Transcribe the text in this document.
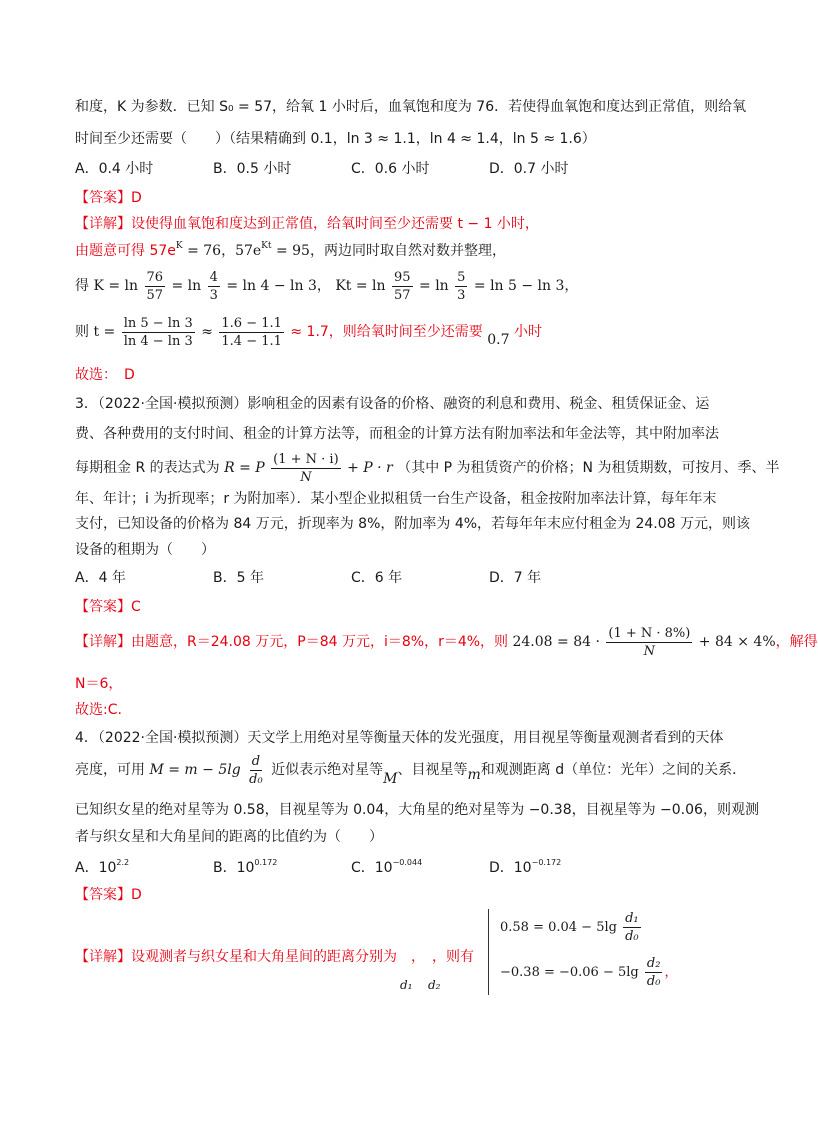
和度，K 为参数．已知 S₀ = 57，给氧 1 小时后，血氧饱和度为 76．若使得血氧饱和度达到正常值，则给氧
时间至少还需要（　　）（结果精确到 0.1，ln 3 ≈ 1.1，ln 4 ≈ 1.4，ln 5 ≈ 1.6）
A．0.4 小时	B．0.5 小时	C．0.6 小时	D．0.7 小时
【答案】D
【详解】设使得血氧饱和度达到正常值，给氧时间至少还需要 t − 1 小时，
由题意可得 $57e^K = 76$，$57e^{Kt} = 95$，两边同时取自然对数并整理，
得 $K = \ln \frac{76}{57} = \ln \frac{4}{3} = \ln 4 - \ln 3$， $Kt = \ln \frac{95}{57} = \ln \frac{5}{3} = \ln 5 - \ln 3$，
则 $t = \frac{\ln 5 - \ln 3}{\ln 4 - \ln 3} \approx \frac{1.6 - 1.1}{1.4 - 1.1} \approx 1.7$，则给氧时间至少还需要 0.7 小时
故选：　D
3．（2022·全国·模拟预测）影响租金的因素有设备的价格、融资的利息和费用、税金、租赁保证金、运
费、各种费用的支付时间、租金的计算方法等，而租金的计算方法有附加率法和年金法等，其中附加率法
每期租金 R 的表达式为 R = P $\frac{(1 + N \cdot i)}{N} + P \cdot r$ （其中 P 为租赁资产的价格；N 为租赁期数，可按月、季、半
年、年计；i 为折现率；r 为附加率）．某小型企业拟租赁一台生产设备，租金按附加率法计算，每年年末
支付，已知设备的价格为 84 万元，折现率为 8%，附加率为 4%，若每年年末应付租金为 24.08 万元，则该
设备的租期为（　　）
A．4 年	B．5 年	C．6 年	D．7 年
【答案】C
【详解】由题意，R＝24.08 万元，P＝84 万元，i＝8%，r＝4%，则 $24.08 = 84 \cdot \frac{(1 + N \cdot 8\%)}{N} + 84 \times 4\%$，解得
N＝6，
故选:C.
4．（2022·全国·模拟预测）天文学上用绝对星等衡量天体的发光强度，用目视星等衡量观测者看到的天体
亮度，可用 $M = m - 5\lg \frac{d}{\text{d₀}}$ 近似表示绝对星等M、目视星等m和观测距离 d（单位：光年）之间的关系．
已知织女星的绝对星等为 0.58，目视星等为 0.04，大角星的绝对星等为 −0.38，目视星等为 −0.06，则观测
者与织女星和大角星间的距离的比值约为（　　）
A．$10^{2.2}$	B．$10^{0.172}$	C．$10^{-0.044}$	D．$10^{-0.172}$
【答案】D
【详解】设观测者与织女星和大角星间的距离分别为　，　，则有
d₁ d₂
$0.58 = 0.04 - 5\lg \frac{\text{d₁}}{\text{d₀}}$
$-0.38 = -0.06 - 5\lg \frac{\text{d₂}}{\text{d₀}}$ ，
